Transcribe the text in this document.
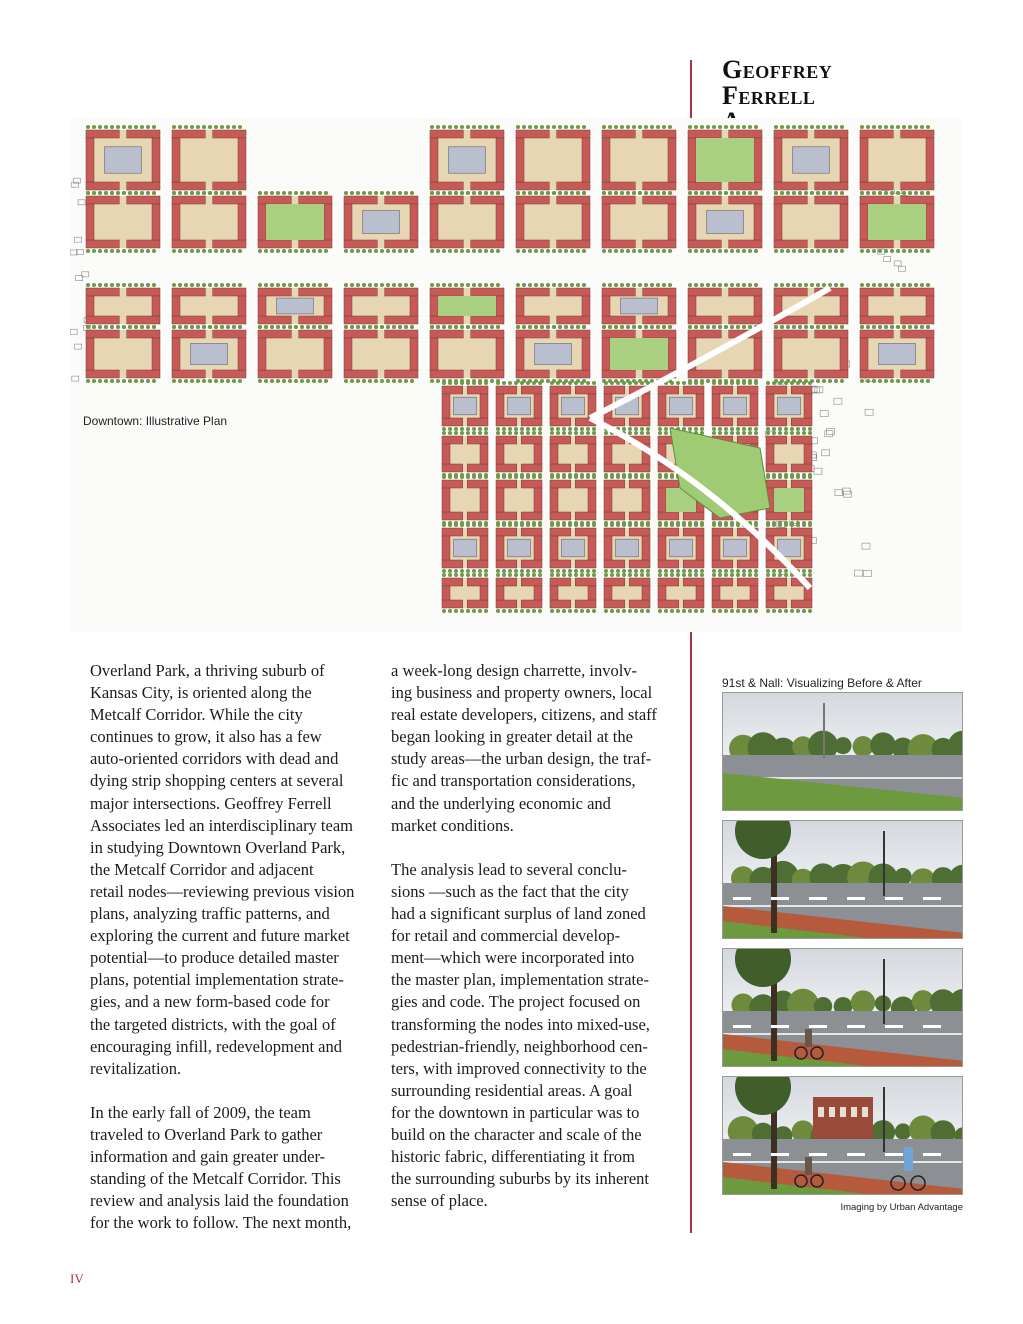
Geoffrey
Ferrell
Downtown: Illustrative Plan
Overland Park, a thriving suburb of
Kansas City, is oriented along the
Metcalf Corridor. While the city
continues to grow, it also has a few
auto-oriented corridors with dead and
dying strip shopping centers at several
major intersections. Geoffrey Ferrell
Associates led an interdisciplinary team
in studying Downtown Overland Park,
the Metcalf Corridor and adjacent
retail nodes—reviewing previous vision
plans, analyzing traffic patterns, and
exploring the current and future market
potential—to produce detailed master
plans, potential implementation strate-
gies, and a new form-based code for
the targeted districts, with the goal of
encouraging infill, redevelopment and
revitalization.
In the early fall of 2009, the team
traveled to Overland Park to gather
information and gain greater under-
standing of the Metcalf Corridor. This
review and analysis laid the foundation
for the work to follow. The next month,
a week-long design charrette, involv-
ing business and property owners, local
real estate developers, citizens, and staff
began looking in greater detail at the
study areas—the urban design, the traf-
fic and transportation considerations,
and the underlying economic and
market conditions.
The analysis lead to several conclu-
sions —such as the fact that the city
had a significant surplus of land zoned
for retail and commercial develop-
ment—which were incorporated into
the master plan, implementation strate-
gies and code. The project focused on
transforming the nodes into mixed-use,
pedestrian-friendly, neighborhood cen-
ters, with improved connectivity to the
surrounding residential areas. A goal
for the downtown in particular was to
build on the character and scale of the
historic fabric, differentiating it from
the surrounding suburbs by its inherent
sense of place.
91st & Nall: Visualizing Before & After
Imaging by Urban Advantage
IV
